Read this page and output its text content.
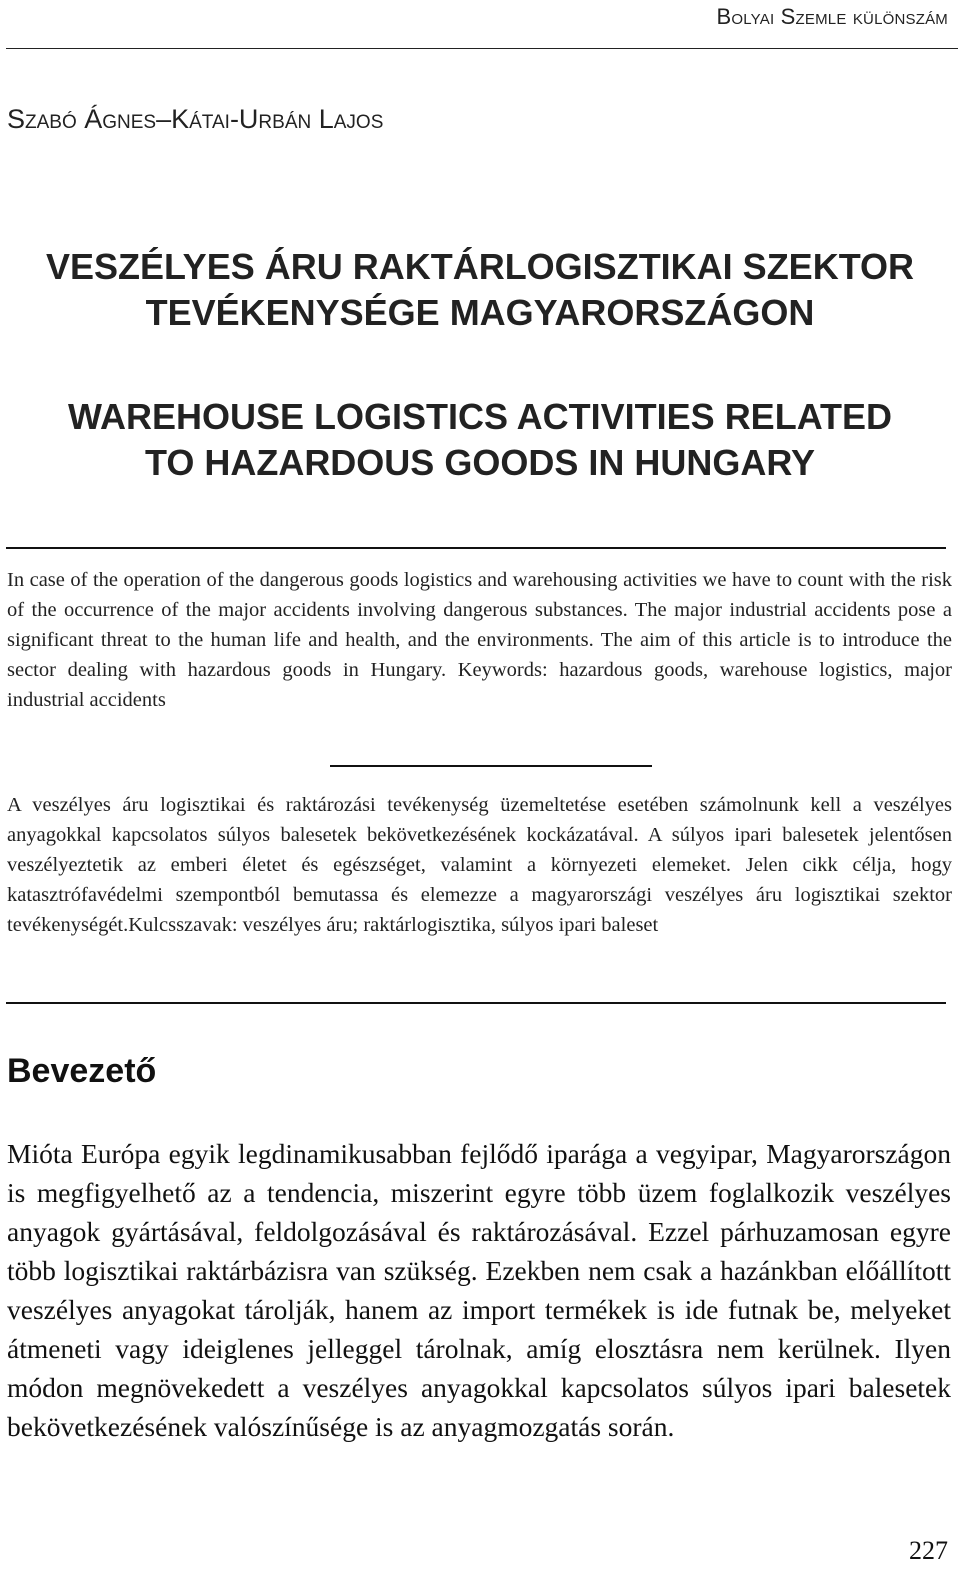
Bolyai Szemle különszám
Szabó Ágnes–Kátai-Urbán Lajos
VESZÉLYES ÁRU RAKTÁRLOGISZTIKAI SZEKTOR
TEVÉKENYSÉGE MAGYARORSZÁGON
WAREHOUSE LOGISTICS ACTIVITIES RELATED
TO HAZARDOUS GOODS IN HUNGARY
In case of the operation of the dangerous goods logistics and warehousing activities we have to count with the risk of the occurrence of the major accidents involving dangerous substances. The major industrial accidents pose a significant threat to the human life and health, and the environments. The aim of this article is to introduce the sector dealing with hazardous goods in Hungary. Keywords: hazardous goods, warehouse logistics, major industrial accidents
A veszélyes áru logisztikai és raktározási tevékenység üzemeltetése esetében számolnunk kell a veszélyes anyagokkal kapcsolatos súlyos balesetek bekövetkezésének kockázatával. A súlyos ipari balesetek jelentősen veszélyeztetik az emberi életet és egészséget, valamint a környezeti elemeket. Jelen cikk célja, hogy katasztrófavédelmi szempontból bemutassa és elemezze a magyarországi veszélyes áru logisztikai szektor tevékenységét.Kulcsszavak: veszélyes áru; raktárlogisztika, súlyos ipari baleset
Bevezető
Mióta Európa egyik legdinamikusabban fejlődő iparága a vegyipar, Magyarországon is megfigyelhető az a tendencia, miszerint egyre több üzem foglalkozik veszélyes anyagok gyártásával, feldolgozásával és raktározásával. Ezzel párhuzamosan egyre több logisztikai raktárbázisra van szükség. Ezekben nem csak a hazánkban előállított veszélyes anyagokat tárolják, hanem az import termékek is ide futnak be, melyeket átmeneti vagy ideiglenes jelleggel tárolnak, amíg elosztásra nem kerülnek. Ilyen módon megnövekedett a veszélyes anyagokkal kapcsolatos súlyos ipari balesetek bekövetkezésének valószínűsége is az anyagmozgatás során.
227
